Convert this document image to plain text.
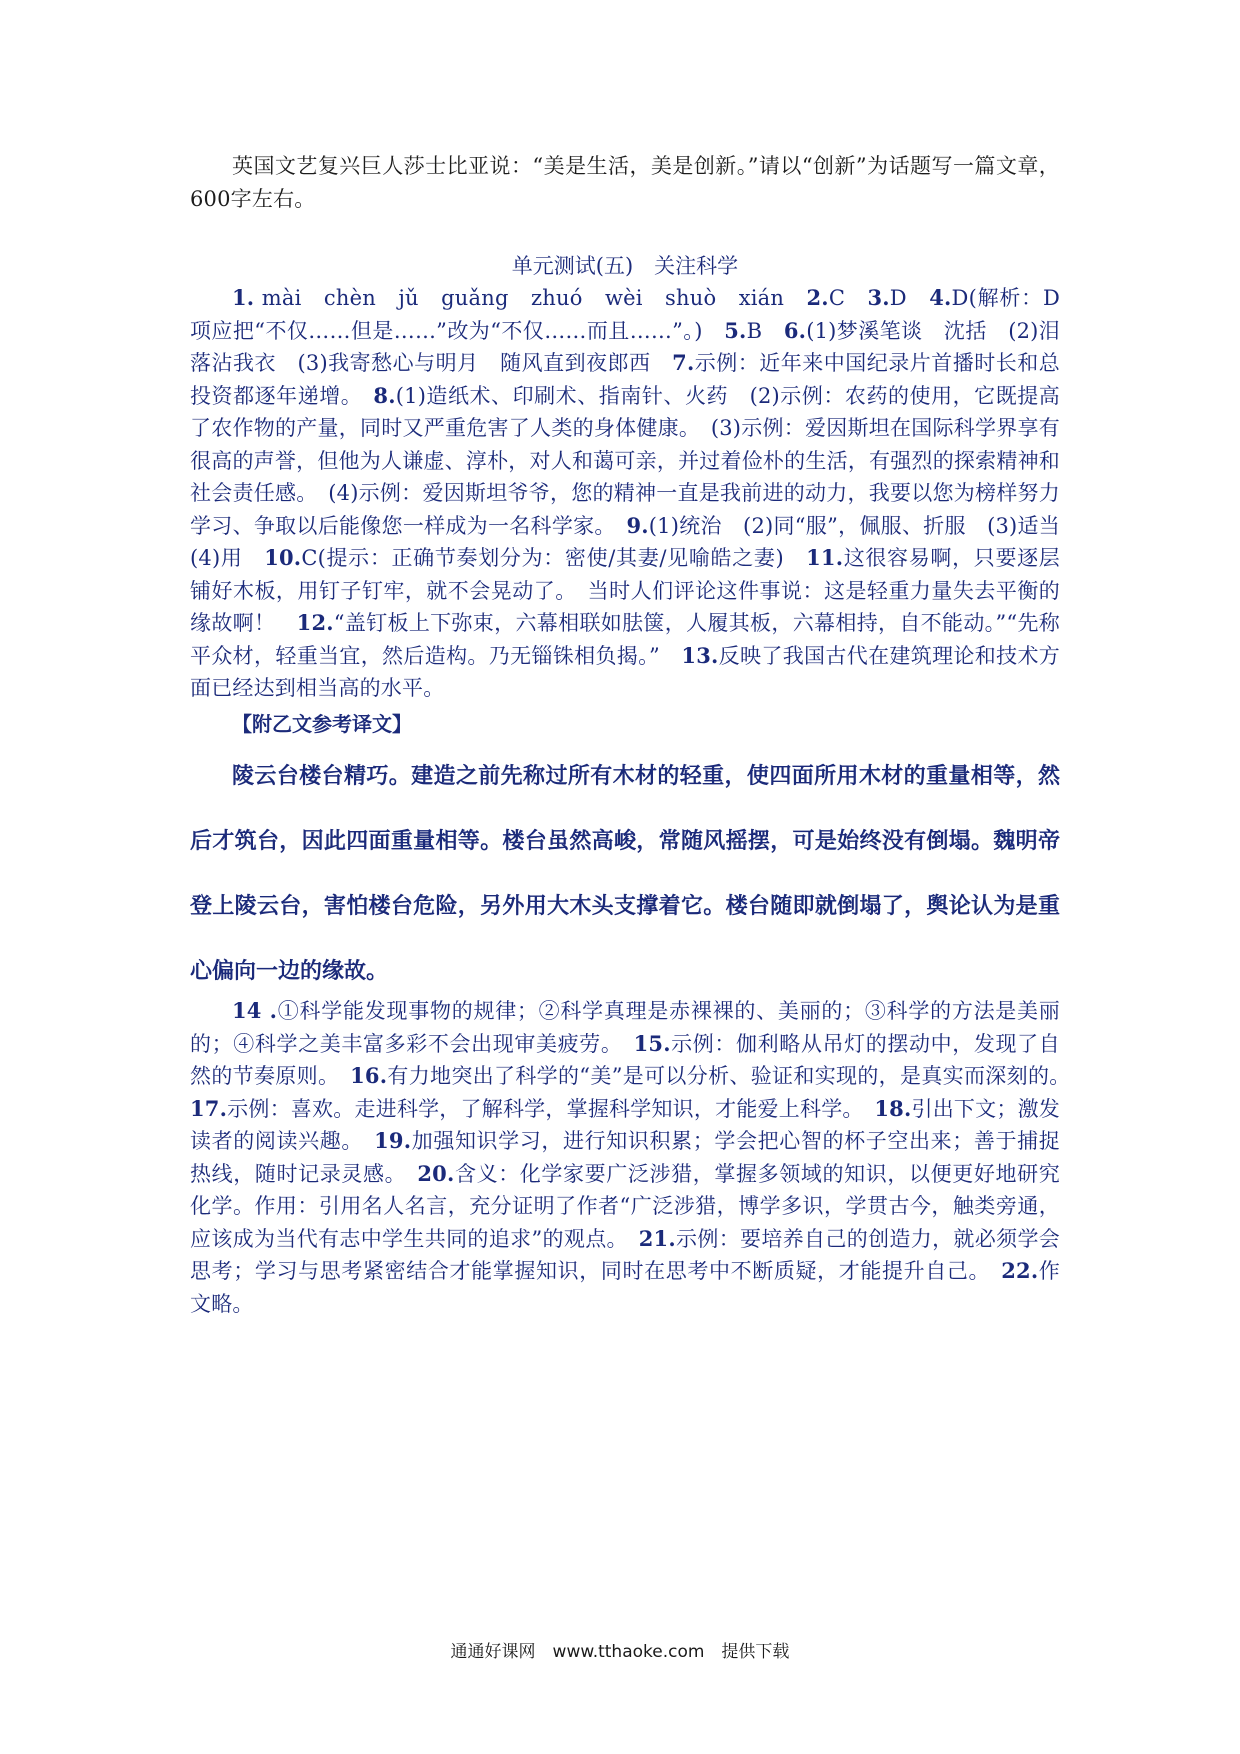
英国文艺复兴巨人莎士比亚说：“美是生活，美是创新。”请以“创新”为话题写一篇文章，600字左右。
单元测试(五)　关注科学
1. mài　chèn　jǔ　guǎng　zhuó　wèi　shuò　xián　2.C　3.D　4.D(解析：D 项应把“不仅……但是……”改为“不仅……而且……”。)　5.B　6.(1)梦溪笔谈　沈括　(2)泪落沾我衣　(3)我寄愁心与明月　随风直到夜郎西　7.示例：近年来中国纪录片首播时长和总投资都逐年递增。　8.(1)造纸术、印刷术、指南针、火药　(2)示例：农药的使用，它既提高了农作物的产量，同时又严重危害了人类的身体健康。　(3)示例：爱因斯坦在国际科学界享有很高的声誉，但他为人谦虚、淳朴，对人和蔼可亲，并过着俭朴的生活，有强烈的探索精神和社会责任感。　(4)示例：爱因斯坦爷爷，您的精神一直是我前进的动力，我要以您为榜样努力学习、争取以后能像您一样成为一名科学家。　9.(1)统治　(2)同“服”，佩服、折服　(3)适当　(4)用　10.C(提示：正确节奏划分为：密使/其妻/见喻皓之妻)　11.这很容易啊，只要逐层铺好木板，用钉子钉牢，就不会晃动了。　当时人们评论这件事说：这是轻重力量失去平衡的缘故啊！　12.“盖钉板上下弥束，六幕相联如胠箧，人履其板，六幕相持，自不能动。”“先称平众材，轻重当宜，然后造构。乃无锱铢相负揭。”　13.反映了我国古代在建筑理论和技术方面已经达到相当高的水平。
【附乙文参考译文】
陵云台楼台精巧。建造之前先称过所有木材的轻重，使四面所用木材的重量相等，然后才筑台，因此四面重量相等。楼台虽然高峻，常随风摇摆，可是始终没有倒塌。魏明帝登上陵云台，害怕楼台危险，另外用大木头支撑着它。楼台随即就倒塌了，舆论认为是重心偏向一边的缘故。
14 .①科学能发现事物的规律；②科学真理是赤裸裸的、美丽的；③科学的方法是美丽的；④科学之美丰富多彩不会出现审美疲劳。　15.示例：伽利略从吊灯的摆动中，发现了自然的节奏原则。　16.有力地突出了科学的“美”是可以分析、验证和实现的，是真实而深刻的。　17.示例：喜欢。走进科学，了解科学，掌握科学知识，才能爱上科学。　18.引出下文；激发读者的阅读兴趣。　19.加强知识学习，进行知识积累；学会把心智的杯子空出来；善于捕捉热线，随时记录灵感。　20.含义：化学家要广泛涉猎，掌握多领域的知识，以便更好地研究化学。作用：引用名人名言，充分证明了作者“广泛涉猎，博学多识，学贯古今，触类旁通，应该成为当代有志中学生共同的追求”的观点。　21.示例：要培养自己的创造力，就必须学会思考；学习与思考紧密结合才能掌握知识，同时在思考中不断质疑，才能提升自己。　22.作文略。
通通好课网　www.tthaoke.com　提供下载
